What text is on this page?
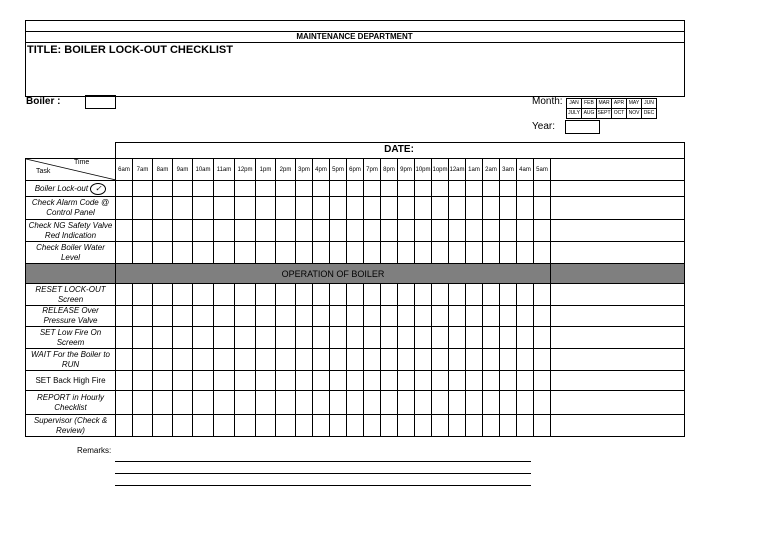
MAINTENANCE DEPARTMENT
TITLE: BOILER LOCK-OUT CHECKLIST
Boiler :	Month: JAN	FEB	MAR	APR	MAY	JUN
JULY	AUG	SEPT	OCT	NOV	DEC
Year:
DATE:
Time
Task	6am	7am	8am	9am	10am	11am	12pm	1pm	2pm	3pm	4pm	5pm	6pm	7pm	8pm	9pm	10pm	1opm	12am	1am	2am	3am	4am	5am	
Boiler Lock-out ✓																									
Check Alarm Code @ Control Panel																									
Check NG Safety Valve Red Indication																									
Check Boiler Water Level																									
	OPERATION OF BOILER																								
RESET LOCK-OUT Screen																									
RELEASE Over Pressure Valve																									
SET Low Fire On Screem																									
WAIT For the Boiler to RUN																									
SET Back High Fire																									
REPORT in Hourly Checklist																									
Supervisor (Check & Review)																									
Remarks:
